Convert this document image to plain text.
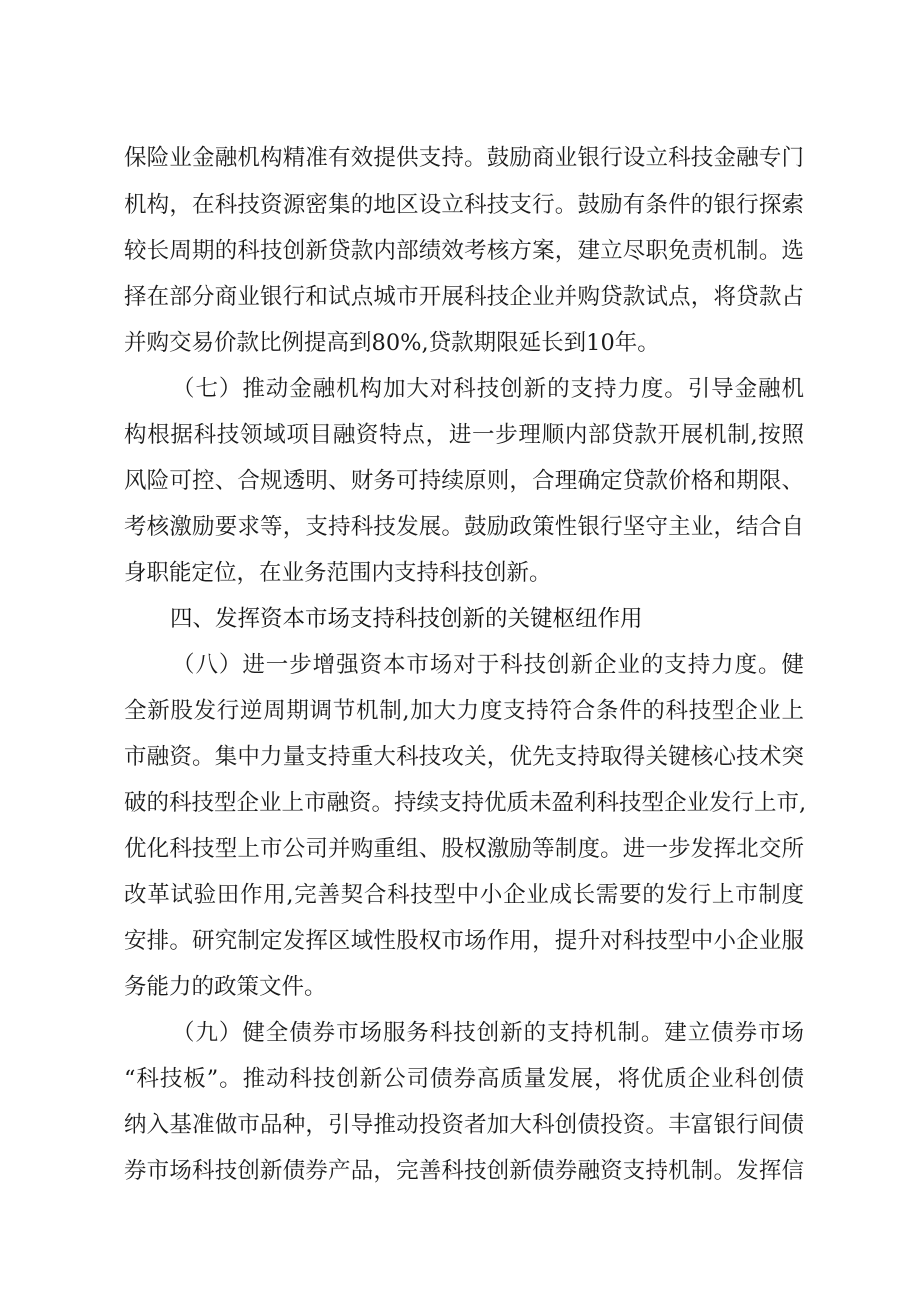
保险业金融机构精准有效提供支持。鼓励商业银行设立科技金融专门
机构，在科技资源密集的地区设立科技支行。鼓励有条件的银行探索
较长周期的科技创新贷款内部绩效考核方案，建立尽职免责机制。选
择在部分商业银行和试点城市开展科技企业并购贷款试点，将贷款占
并购交易价款比例提高到80%,贷款期限延长到10年。
（七）推动金融机构加大对科技创新的支持力度。引导金融机
构根据科技领域项目融资特点，进一步理顺内部贷款开展机制,按照
风险可控、合规透明、财务可持续原则，合理确定贷款价格和期限、
考核激励要求等，支持科技发展。鼓励政策性银行坚守主业，结合自
身职能定位，在业务范围内支持科技创新。
四、发挥资本市场支持科技创新的关键枢纽作用
（八）进一步增强资本市场对于科技创新企业的支持力度。健
全新股发行逆周期调节机制,加大力度支持符合条件的科技型企业上
市融资。集中力量支持重大科技攻关，优先支持取得关键核心技术突
破的科技型企业上市融资。持续支持优质未盈利科技型企业发行上市,
优化科技型上市公司并购重组、股权激励等制度。进一步发挥北交所
改革试验田作用,完善契合科技型中小企业成长需要的发行上市制度
安排。研究制定发挥区域性股权市场作用，提升对科技型中小企业服
务能力的政策文件。
（九）健全债券市场服务科技创新的支持机制。建立债券市场
“科技板”。推动科技创新公司债券高质量发展，将优质企业科创债
纳入基准做市品种，引导推动投资者加大科创债投资。丰富银行间债
券市场科技创新债券产品，完善科技创新债券融资支持机制。发挥信
